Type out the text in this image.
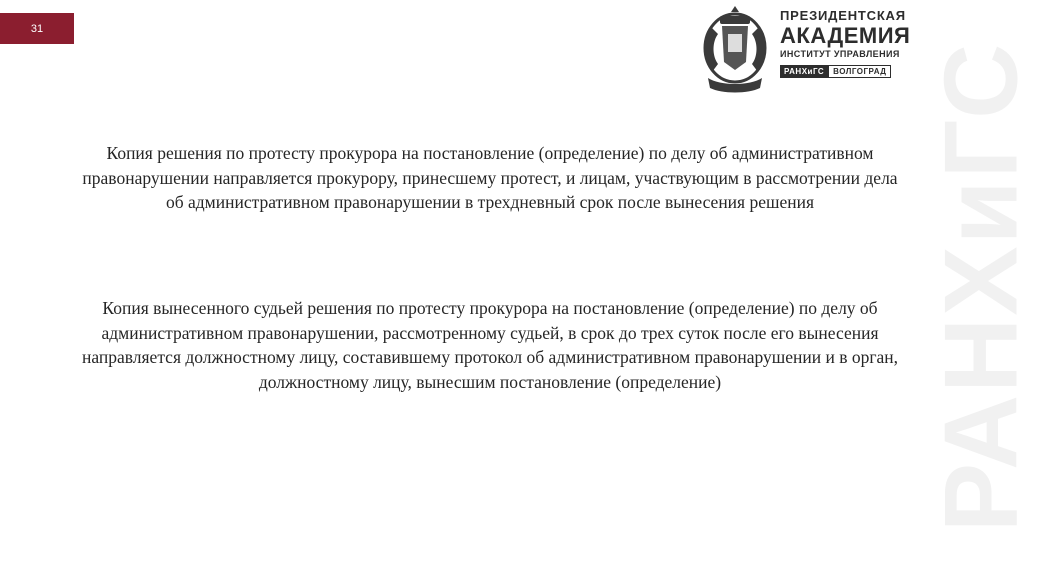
РАНХиГС
31
ПРЕЗИДЕНТСКАЯ
АКАДЕМИЯ
ИНСТИТУТ УПРАВЛЕНИЯ
РАНХиГС	ВОЛГОГРАД

Копия решения по протесту прокурора на постановление (определение) по делу об административном правонарушении направляется прокурору, принесшему протест, и лицам, участвующим в рассмотрении дела об административном правонарушении в трехдневный срок после вынесения решения

Копия вынесенного судьей решения по протесту прокурора на постановление (определение) по делу об административном правонарушении, рассмотренному судьей, в срок до трех суток после его вынесения направляется должностному лицу, составившему протокол об административном правонарушении и в орган, должностному лицу, вынесшим постановление (определение)
